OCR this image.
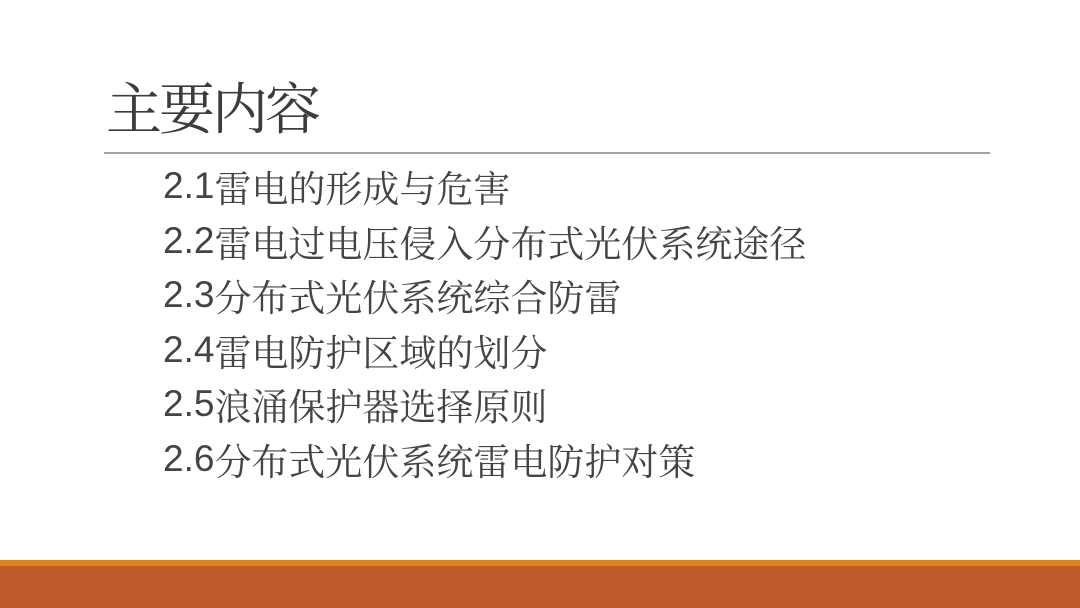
主要内容
2.1 雷电的形成与危害
2.2 雷电过电压侵入分布式光伏系统途径
2.3 分布式光伏系统综合防雷
2.4 雷电防护区域的划分
2.5 浪涌保护器选择原则
2.6 分布式光伏系统雷电防护对策
